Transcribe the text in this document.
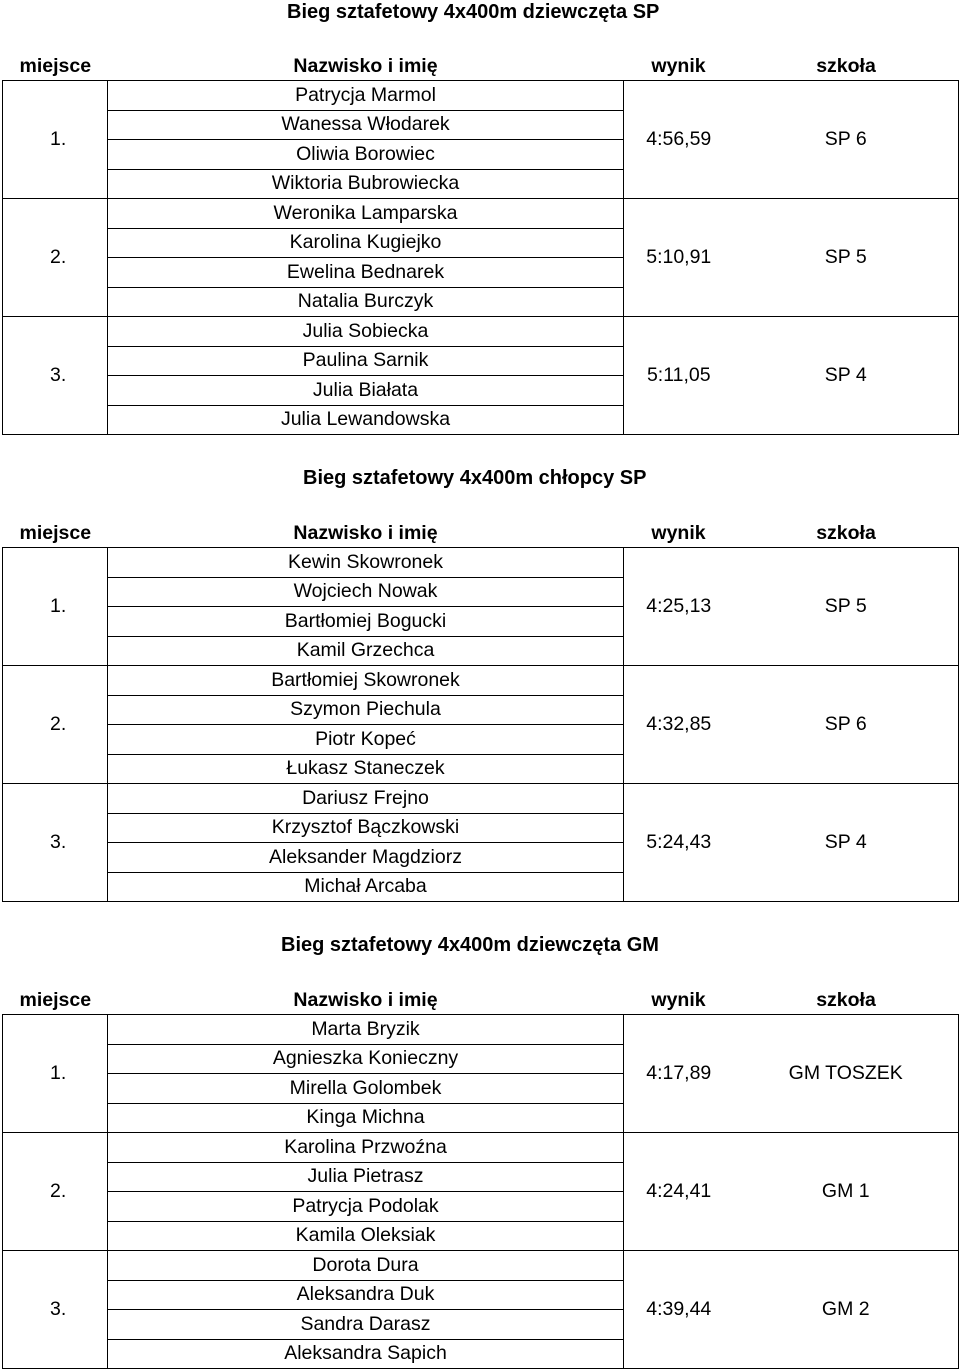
Bieg sztafetowy 4x400m dziewczęta SP
miejsce	Nazwisko i imię	wynik	szkoła
1.	Patrycja Marmol	4:56,59	SP 6
	Wanessa Włodarek		
	Oliwia Borowiec		
	Wiktoria Bubrowiecka		
2.	Weronika Lamparska	5:10,91	SP 5
	Karolina Kugiejko		
	Ewelina Bednarek		
	Natalia Burczyk		
3.	Julia Sobiecka	5:11,05	SP 4
	Paulina Sarnik		
	Julia Białata		
	Julia Lewandowska		
Bieg sztafetowy 4x400m chłopcy SP
miejsce	Nazwisko i imię	wynik	szkoła
1.	Kewin Skowronek	4:25,13	SP 5
	Wojciech Nowak		
	Bartłomiej Bogucki		
	Kamil Grzechca		
2.	Bartłomiej Skowronek	4:32,85	SP 6
	Szymon Piechula		
	Piotr Kopeć		
	Łukasz Staneczek		
3.	Dariusz Frejno	5:24,43	SP 4
	Krzysztof Bączkowski		
	Aleksander Magdziorz		
	Michał Arcaba		
Bieg sztafetowy 4x400m dziewczęta GM
miejsce	Nazwisko i imię	wynik	szkoła
1.	Marta Bryzik	4:17,89	GM TOSZEK
	Agnieszka Konieczny		
	Mirella Golombek		
	Kinga Michna		
2.	Karolina Przwoźna	4:24,41	GM 1
	Julia Pietrasz		
	Patrycja Podolak		
	Kamila Oleksiak		
3.	Dorota Dura	4:39,44	GM 2
	Aleksandra Duk		
	Sandra Darasz		
	Aleksandra Sapich		
